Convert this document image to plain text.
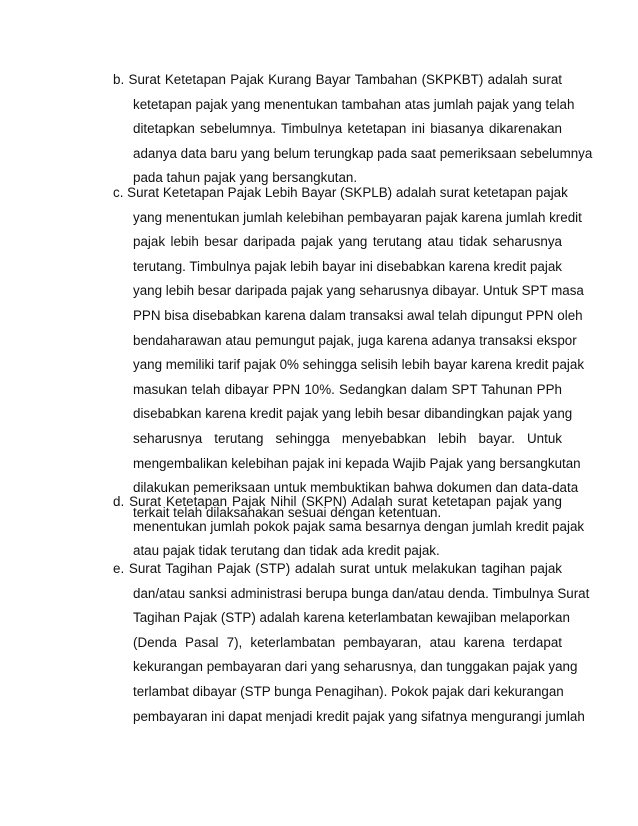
b. Surat Ketetapan Pajak Kurang Bayar Tambahan (SKPKBT) adalah surat
ketetapan pajak yang menentukan tambahan atas jumlah pajak yang telah
ditetapkan sebelumnya. Timbulnya ketetapan ini biasanya dikarenakan
adanya data baru yang belum terungkap pada saat pemeriksaan sebelumnya
pada tahun pajak yang bersangkutan.
c. Surat Ketetapan Pajak Lebih Bayar (SKPLB) adalah surat ketetapan pajak
yang menentukan jumlah kelebihan pembayaran pajak karena jumlah kredit
pajak lebih besar daripada pajak yang terutang atau tidak seharusnya
terutang. Timbulnya pajak lebih bayar ini disebabkan karena kredit pajak
yang lebih besar daripada pajak yang seharusnya dibayar. Untuk SPT masa
PPN bisa disebabkan karena dalam transaksi awal telah dipungut PPN oleh
bendaharawan atau pemungut pajak, juga karena adanya transaksi ekspor
yang memiliki tarif pajak 0% sehingga selisih lebih bayar karena kredit pajak
masukan telah dibayar PPN 10%. Sedangkan dalam SPT Tahunan PPh
disebabkan karena kredit pajak yang lebih besar dibandingkan pajak yang
seharusnya terutang sehingga menyebabkan lebih bayar. Untuk
mengembalikan kelebihan pajak ini kepada Wajib Pajak yang bersangkutan
dilakukan pemeriksaan untuk membuktikan bahwa dokumen dan data-data
terkait telah dilaksanakan sesuai dengan ketentuan.
d. Surat Ketetapan Pajak Nihil (SKPN) Adalah surat ketetapan pajak yang
menentukan jumlah pokok pajak sama besarnya dengan jumlah kredit pajak
atau pajak tidak terutang dan tidak ada kredit pajak.
e. Surat Tagihan Pajak (STP) adalah surat untuk melakukan tagihan pajak
dan/atau sanksi administrasi berupa bunga dan/atau denda. Timbulnya Surat
Tagihan Pajak (STP) adalah karena keterlambatan kewajiban melaporkan
(Denda Pasal 7), keterlambatan pembayaran, atau karena terdapat
kekurangan pembayaran dari yang seharusnya, dan tunggakan pajak yang
terlambat dibayar (STP bunga Penagihan). Pokok pajak dari kekurangan
pembayaran ini dapat menjadi kredit pajak yang sifatnya mengurangi jumlah
